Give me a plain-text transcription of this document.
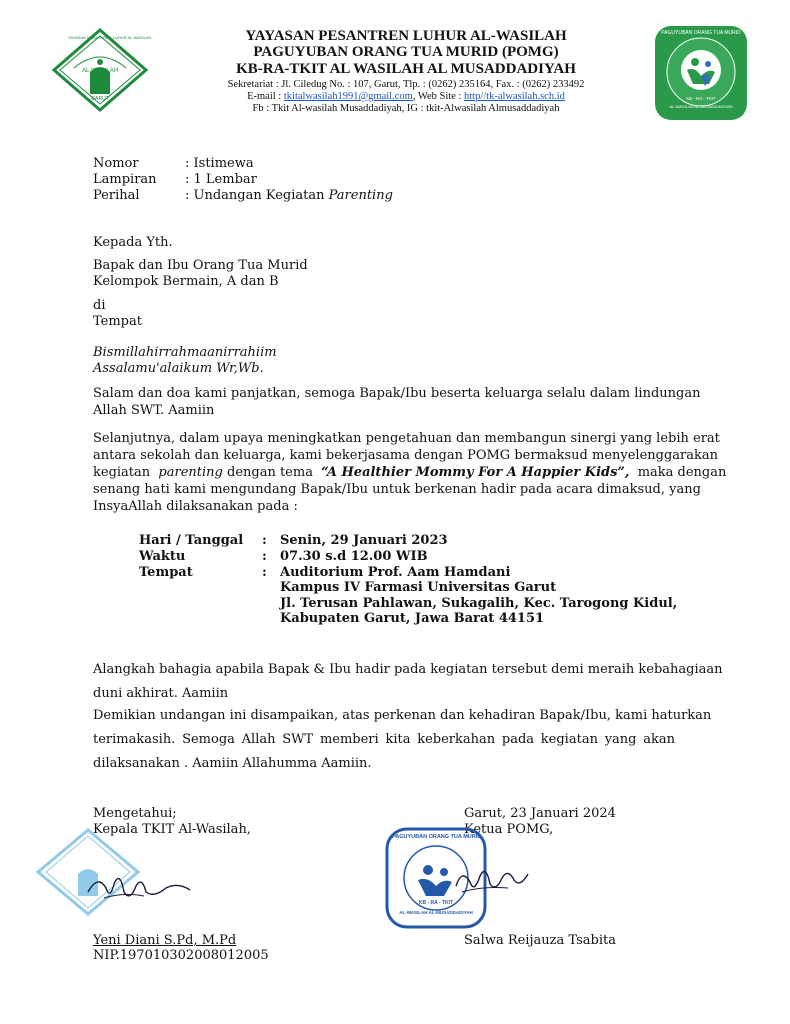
YAYASAN PESANTREN LUHUR AL-WASILAH
AL-WASILAH
GARUT
PAGUYUBAN ORANG TUA MURID
KB - RA - TKIT
AL-WASILAH AL-MUSADDADIYAH
YAYASAN PESANTREN LUHUR AL-WASILAH
PAGUYUBAN ORANG TUA MURID (POMG)
KB-RA-TKIT AL WASILAH AL MUSADDADIYAH
Sekretariat : Jl. Ciledug No. : 107, Garut, Tlp. : (0262) 235164, Fax. : (0262) 233492
E-mail : tkitalwasilah1991@gmail.com, Web Site : http//tk-alwasilah.sch.id
Fb : Tkit Al-wasilah Musaddadiyah, IG : tkit-Alwasilah Almusaddadiyah
Nomor	: Istimewa
Lampiran : 1 Lembar
Perihal	: Undangan Kegiatan Parenting
Kepada Yth.
Bapak dan Ibu Orang Tua Murid
Kelompok Bermain, A dan B
di
Tempat
Bismillahirrahmaanirrahiim
Assalamu'alaikum Wr,Wb.
Salam dan doa kami panjatkan, semoga Bapak/Ibu beserta keluarga selalu dalam lindungan
Allah SWT. Aamiin
Selanjutnya, dalam upaya meningkatkan pengetahuan dan membangun sinergi yang lebih erat
antara sekolah dan keluarga, kami bekerjasama dengan POMG bermaksud menyelenggarakan
kegiatan  parenting dengan tema  “A Healthier Mommy For A Happier Kids”,  maka dengan
senang hati kami mengundang Bapak/Ibu untuk berkenan hadir pada acara dimaksud, yang
InsyaAllah dilaksanakan pada :
Hari / Tanggal : Senin, 29 Januari 2023
Waktu	: 07.30 s.d 12.00 WIB
Tempat	: Auditorium Prof. Aam Hamdani
Kampus IV Farmasi Universitas Garut
Jl. Terusan Pahlawan, Sukagalih, Kec. Tarogong Kidul,
Kabupaten Garut, Jawa Barat 44151
Alangkah bahagia apabila Bapak & Ibu hadir pada kegiatan tersebut demi meraih kebahagiaan
duni akhirat. Aamiin
Demikian undangan ini disampaikan, atas perkenan dan kehadiran Bapak/Ibu, kami haturkan
terimakasih. Semoga Allah SWT memberi kita keberkahan pada kegiatan yang akan
dilaksanakan . Aamiin Allahumma Aamiin.
Mengetahui;
Kepala TKIT Al-Wasilah,
Yeni Diani S.Pd, M.Pd
NIP.197010302008012005
Garut, 23 Januari 2024
Ketua POMG,
PAGUYUBAN ORANG TUA MURID
KB - RA - TKIT
AL-WASILAH AL-MUSADDADIYAH
Salwa Reijauza Tsabita
